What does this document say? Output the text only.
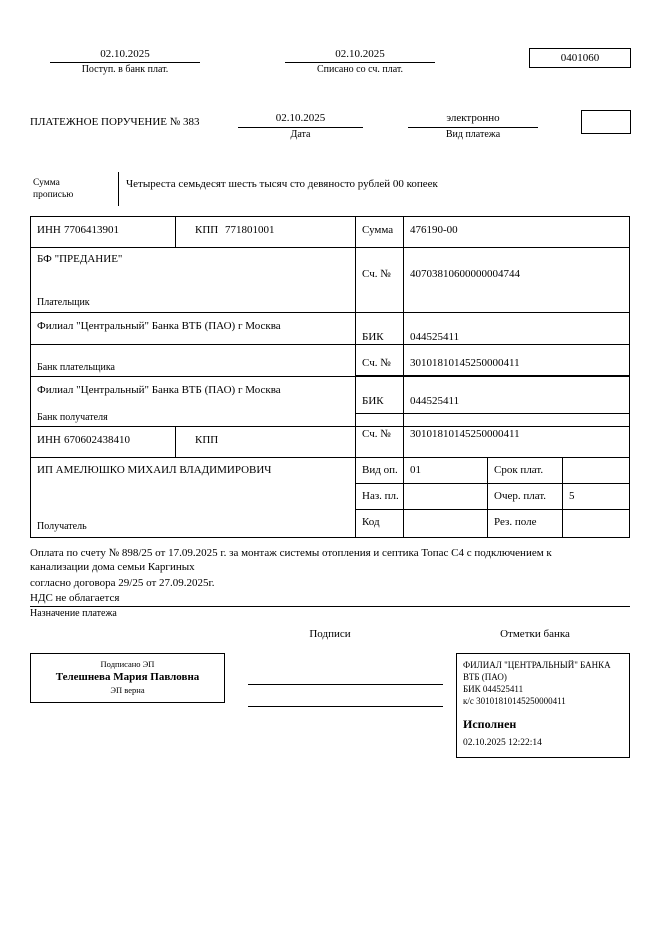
02.10.2025
Поступ. в банк плат.
02.10.2025
Списано со сч. плат.
0401060
ПЛАТЕЖНОЕ ПОРУЧЕНИЕ № 383	02.10.2025
Дата
электронно
Вид платежа
Сумма
прописью
Четыреста семьдесят шесть тысяч сто девяносто рублей 00 копеек
ИНН 7706413901	КПП 771801001	Сумма 476190-00
БФ "ПРЕДАНИЕ"
Сч. № 40703810600000004744
Плательщик
Филиал "Центральный" Банка ВТБ (ПАО) г Москва
БИК 044525411
Сч. № 30101810145250000411
Банк плательщика
Филиал "Центральный" Банка ВТБ (ПАО) г Москва
БИК 044525411
Сч. № 30101810145250000411
Банк получателя
ИНН 670602438410	КПП
ИП АМЕЛЮШКО МИХАИЛ ВЛАДИМИРОВИЧ	Вид оп. 01	Срок плат.
Наз. пл.	Очер. плат. 5
Код	Рез. поле
Получатель
Оплата по счету № 898/25 от 17.09.2025 г. за монтаж системы отопления и септика Топас С4 с подключением к
канализации дома семьи Каргиных
согласно договора 29/25 от 27.09.2025г.
НДС не облагается
Назначение платежа
Подписи	Отметки банка
Подписано ЭП
Телешнева Мария Павловна
ЭП верна
ФИЛИАЛ "ЦЕНТРАЛЬНЫЙ" БАНКА
ВТБ (ПАО)
БИК 044525411
к/с 30101810145250000411
Исполнен
02.10.2025 12:22:14
